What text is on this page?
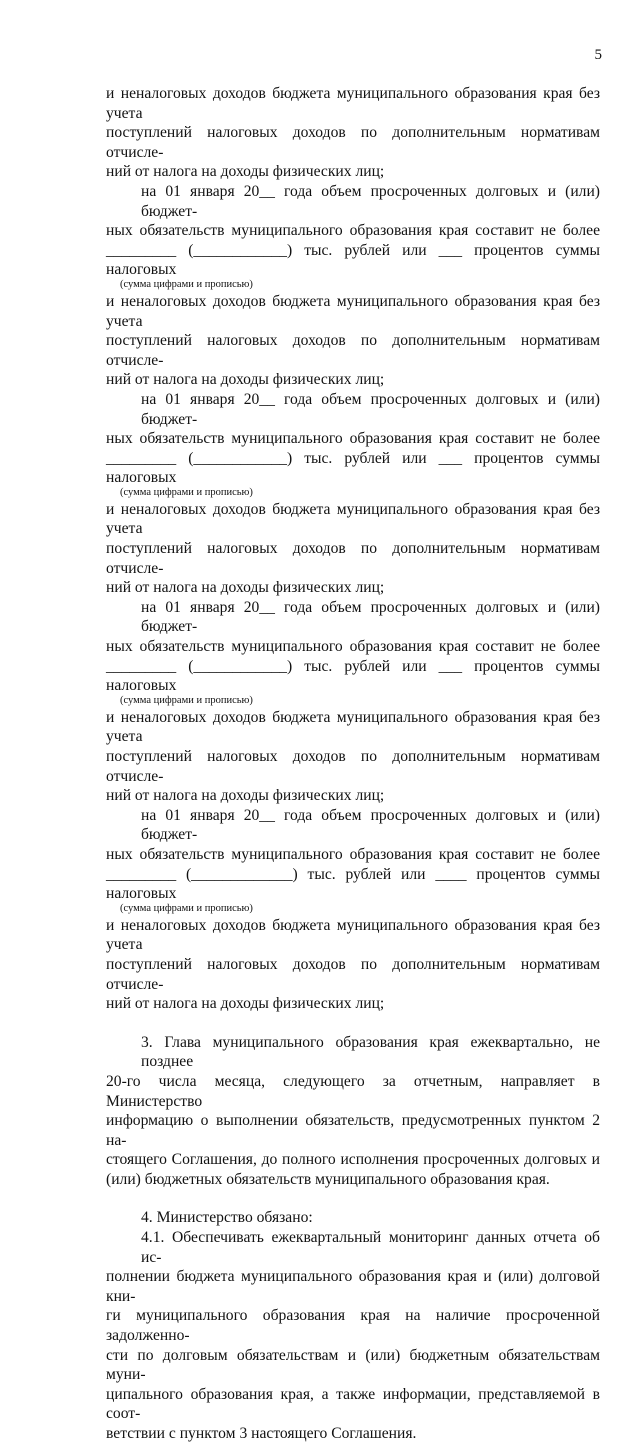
5
и неналоговых доходов бюджета муниципального образования края без учета
поступлений налоговых доходов по дополнительным нормативам отчисле-
ний от налога на доходы физических лиц;
на 01 января 20__ года объем просроченных долговых и (или) бюджет-
ных обязательств муниципального образования края составит не более
_________ (____________) тыс. рублей или ___ процентов суммы налоговых
(сумма цифрами и прописью)
и неналоговых доходов бюджета муниципального образования края без учета
поступлений налоговых доходов по дополнительным нормативам отчисле-
ний от налога на доходы физических лиц;
на 01 января 20__ года объем просроченных долговых и (или) бюджет-
ных обязательств муниципального образования края составит не более
_________ (____________) тыс. рублей или ___ процентов суммы налоговых
(сумма цифрами и прописью)
и неналоговых доходов бюджета муниципального образования края без учета
поступлений налоговых доходов по дополнительным нормативам отчисле-
ний от налога на доходы физических лиц;
на 01 января 20__ года объем просроченных долговых и (или) бюджет-
ных обязательств муниципального образования края составит не более
_________ (____________) тыс. рублей или ___ процентов суммы налоговых
(сумма цифрами и прописью)
и неналоговых доходов бюджета муниципального образования края без учета
поступлений налоговых доходов по дополнительным нормативам отчисле-
ний от налога на доходы физических лиц;
на 01 января 20__ года объем просроченных долговых и (или) бюджет-
ных обязательств муниципального образования края составит не более
_________ (_____________) тыс. рублей или ____ процентов суммы налоговых
(сумма цифрами и прописью)
и неналоговых доходов бюджета муниципального образования края без учета
поступлений налоговых доходов по дополнительным нормативам отчисле-
ний от налога на доходы физических лиц;
3. Глава муниципального образования края ежеквартально, не позднее
20-го числа месяца, следующего за отчетным, направляет в Министерство
информацию о выполнении обязательств, предусмотренных пунктом 2 на-
стоящего Соглашения, до полного исполнения просроченных долговых и
(или) бюджетных обязательств муниципального образования края.
4. Министерство обязано:
4.1. Обеспечивать ежеквартальный мониторинг данных отчета об ис-
полнении бюджета муниципального образования края и (или) долговой кни-
ги муниципального образования края на наличие просроченной задолженно-
сти по долговым обязательствам и (или) бюджетным обязательствам муни-
ципального образования края, а также информации, представляемой в соот-
ветствии с пунктом 3 настоящего Соглашения.
